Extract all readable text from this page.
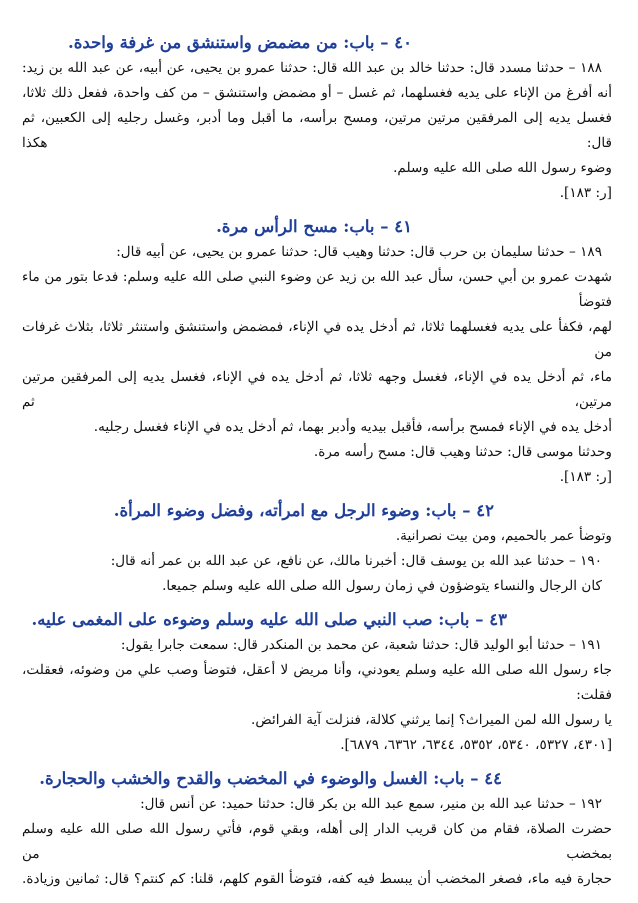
٤٠ – باب: من مضمض واستنشق من غرفة واحدة.

١٨٨ – حدثنا مسدد قال: حدثنا خالد بن عبد الله قال: حدثنا عمرو بن يحيى، عن أبيه، عن عبد الله بن زيد:

أنه أفرغ من الإناء على يديه فغسلهما، ثم غسل – أو مضمض واستنشق – من كف واحدة، ففعل ذلك ثلاثا،

فغسل يديه إلى المرفقين مرتين مرتين، ومسح برأسه، ما أقبل وما أدبر، وغسل رجليه إلى الكعبين، ثم قال: هكذا

وضوء رسول الله صلى الله عليه وسلم.

[ر: ١٨٣].

٤١ – باب: مسح الرأس مرة.

١٨٩ – حدثنا سليمان بن حرب قال: حدثنا وهيب قال: حدثنا عمرو بن يحيى، عن أبيه قال:

شهدت عمرو بن أبي حسن، سأل عبد الله بن زيد عن وضوء النبي صلى الله عليه وسلم: فدعا بتور من ماء فتوضأ

لهم، فكفأ على يديه فغسلهما ثلاثا، ثم أدخل يده في الإناء، فمضمض واستنشق واستنثر ثلاثا، بثلاث غرفات من

ماء، ثم أدخل يده في الإناء، فغسل وجهه ثلاثا، ثم أدخل يده في الإناء، فغسل يديه إلى المرفقين مرتين مرتين، ثم

أدخل يده في الإناء فمسح برأسه، فأقبل بيديه وأدبر بهما، ثم أدخل يده في الإناء فغسل رجليه.

وحدثنا موسى قال: حدثنا وهيب قال: مسح رأسه مرة.

[ر: ١٨٣].

٤٢ – باب: وضوء الرجل مع امرأته، وفضل وضوء المرأة.

وتوضأ عمر بالحميم، ومن بيت نصرانية.

١٩٠ – حدثنا عبد الله بن يوسف قال: أخبرنا مالك، عن نافع، عن عبد الله بن عمر أنه قال:

كان الرجال والنساء يتوضؤون في زمان رسول الله صلى الله عليه وسلم جميعا.

٤٣ – باب: صب النبي صلى الله عليه وسلم وضوءه على المغمى عليه.

١٩١ – حدثنا أبو الوليد قال: حدثنا شعبة، عن محمد بن المنكدر قال: سمعت جابرا يقول:

جاء رسول الله صلى الله عليه وسلم يعودني، وأنا مريض لا أعقل، فتوضأ وصب علي من وضوئه، فعقلت، فقلت:

يا رسول الله لمن الميراث؟ إنما يرثني كلالة، فنزلت آية الفرائض.

[٤٣٠١، ٥٣٢٧، ٥٣٤٠، ٥٣٥٢، ٦٣٤٤، ٦٣٦٢، ٦٨٧٩].

٤٤ – باب: الغسل والوضوء في المخضب والقدح والخشب والحجارة.

١٩٢ – حدثنا عبد الله بن منير، سمع عبد الله بن بكر قال: حدثنا حميد: عن أنس قال:

حضرت الصلاة، فقام من كان قريب الدار إلى أهله، وبقي قوم، فأتي رسول الله صلى الله عليه وسلم بمخضب من

حجارة فيه ماء، فصغر المخضب أن يبسط فيه كفه، فتوضأ القوم كلهم، قلنا: كم كنتم؟ قال: ثمانين وزيادة.
